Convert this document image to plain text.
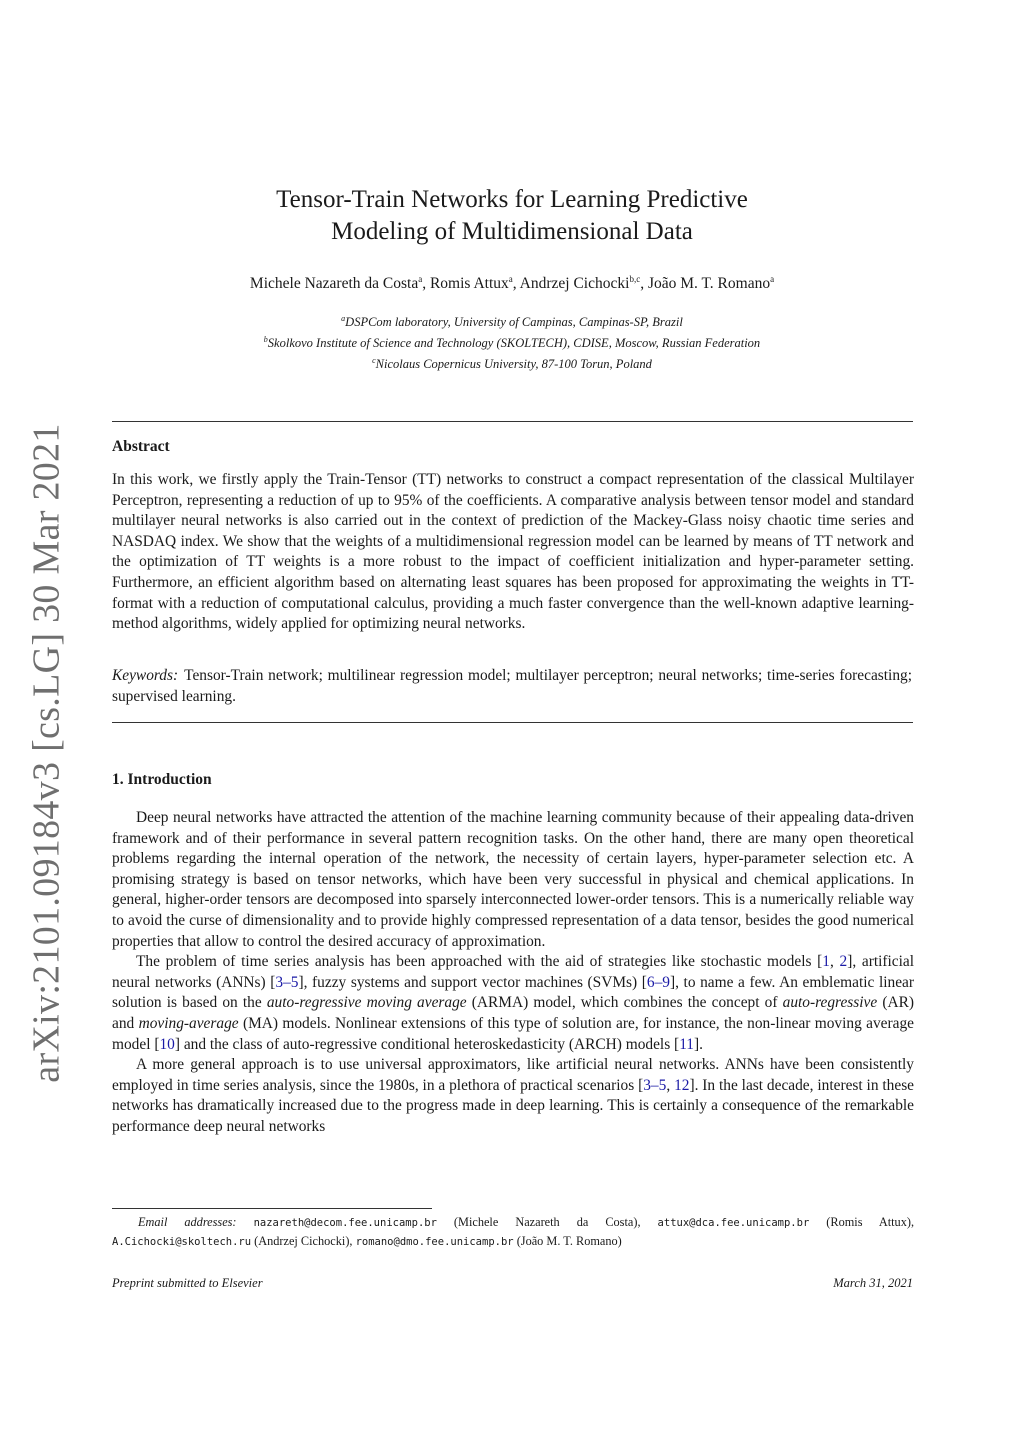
arXiv:2101.09184v3 [cs.LG] 30 Mar 2021
Tensor-Train Networks for Learning Predictive
Modeling of Multidimensional Data
Michele Nazareth da Costa$^a$, Romis Attux$^a$, Andrzej Cichocki$^{b,c}$, João M. T. Romano$^a$
$^a$DSPCom laboratory, University of Campinas, Campinas-SP, Brazil
$^b$Skolkovo Institute of Science and Technology (SKOLTECH), CDISE, Moscow, Russian Federation
$^c$Nicolaus Copernicus University, 87-100 Torun, Poland
Abstract
In this work, we firstly apply the Train-Tensor (TT) networks to construct a compact representation of the classical Multilayer Perceptron, representing a reduction of up to 95% of the coefficients. A comparative analysis between tensor model and standard multilayer neural networks is also carried out in the context of prediction of the Mackey-Glass noisy chaotic time series and NASDAQ index. We show that the weights of a multidimensional regression model can be learned by means of TT network and the optimization of TT weights is a more robust to the impact of coefficient initialization and hyper-parameter setting. Furthermore, an efficient algorithm based on alternating least squares has been proposed for approximating the weights in TT-format with a reduction of computational calculus, providing a much faster convergence than the well-known adaptive learning-method algorithms, widely applied for optimizing neural networks.
Keywords: Tensor-Train network; multilinear regression model; multilayer perceptron; neural networks; time-series forecasting; supervised learning.
1. Introduction

Deep neural networks have attracted the attention of the machine learning community because of their appealing data-driven framework and of their performance in several pattern recognition tasks. On the other hand, there are many open theoretical problems regarding the internal operation of the network, the necessity of certain layers, hyper-parameter selection etc. A promising strategy is based on tensor networks, which have been very successful in physical and chemical applications. In general, higher-order tensors are decomposed into sparsely interconnected lower-order tensors. This is a numerically reliable way to avoid the curse of dimensionality and to provide highly compressed representation of a data tensor, besides the good numerical properties that allow to control the desired accuracy of approximation.

The problem of time series analysis has been approached with the aid of strategies like stochastic models [1, 2], artificial neural networks (ANNs) [3–5], fuzzy systems and support vector machines (SVMs) [6–9], to name a few. An emblematic linear solution is based on the auto-regressive moving average (ARMA) model, which combines the concept of auto-regressive (AR) and moving-average (MA) models. Nonlinear extensions of this type of solution are, for instance, the non-linear moving average model [10] and the class of auto-regressive conditional heteroskedasticity (ARCH) models [11].

A more general approach is to use universal approximators, like artificial neural networks. ANNs have been consistently employed in time series analysis, since the 1980s, in a plethora of practical scenarios [3–5, 12]. In the last decade, interest in these networks has dramatically increased due to the progress made in deep learning. This is certainly a consequence of the remarkable performance deep neural networks

Email addresses: nazareth@decom.fee.unicamp.br (Michele Nazareth da Costa), attux@dca.fee.unicamp.br (Romis Attux), A.Cichocki@skoltech.ru (Andrzej Cichocki), romano@dmo.fee.unicamp.br (João M. T. Romano)
Preprint submitted to Elsevier	March 31, 2021
